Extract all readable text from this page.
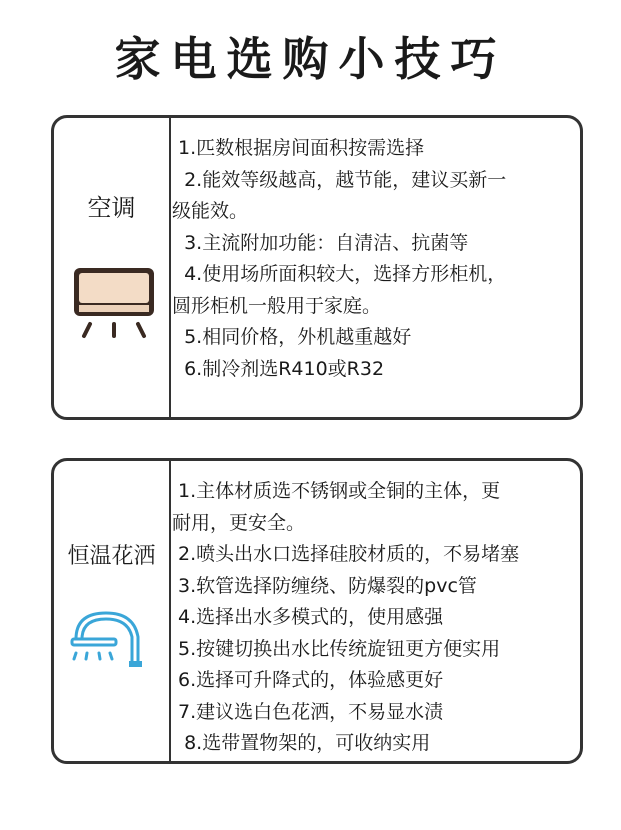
家电选购小技巧
空调
1.匹数根据房间面积按需选择
2.能效等级越高，越节能，建议买新一
级能效。
3.主流附加功能：自清洁、抗菌等
4.使用场所面积较大，选择方形柜机，
圆形柜机一般用于家庭。
5.相同价格，外机越重越好
6.制冷剂选R410或R32
恒温花洒
1.主体材质选不锈钢或全铜的主体，更
耐用，更安全。
2.喷头出水口选择硅胶材质的，不易堵塞
3.软管选择防缠绕、防爆裂的pvc管
4.选择出水多模式的，使用感强
5.按键切换出水比传统旋钮更方便实用
6.选择可升降式的，体验感更好
7.建议选白色花洒，不易显水渍
8.选带置物架的，可收纳实用
